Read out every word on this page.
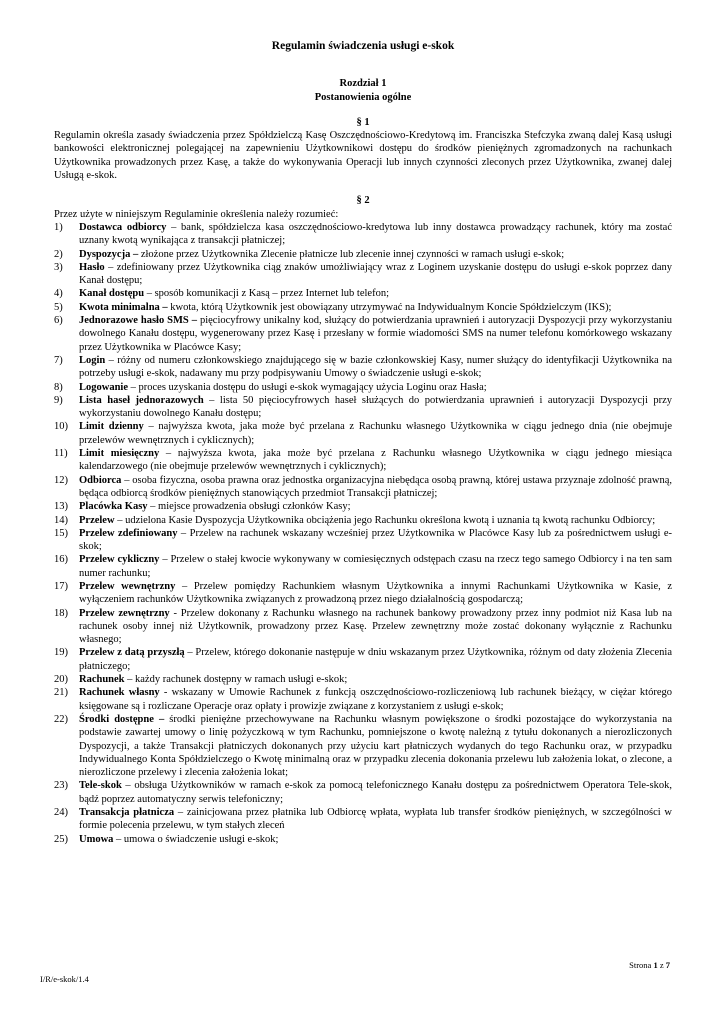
Regulamin świadczenia usługi e-skok
Rozdział 1
Postanowienia ogólne
§ 1
Regulamin określa zasady świadczenia przez Spółdzielczą Kasę Oszczędnościowo-Kredytową im. Franciszka Stefczyka zwaną dalej Kasą usługi bankowości elektronicznej polegającej na zapewnieniu Użytkownikowi dostępu do środków pieniężnych zgromadzonych na rachunkach Użytkownika prowadzonych przez Kasę, a także do wykonywania Operacji lub innych czynności zleconych przez Użytkownika, zwanej dalej Usługą e-skok.
§ 2
Przez użyte w niniejszym Regulaminie określenia należy rozumieć:
1)	Dostawca odbiorcy – bank, spółdzielcza kasa oszczędnościowo-kredytowa lub inny dostawca prowadzący rachunek, który ma zostać uznany kwotą wynikająca z transakcji płatniczej;
2)	Dyspozycja – złożone przez Użytkownika Zlecenie płatnicze lub zlecenie innej czynności w ramach usługi e-skok;
3)	Hasło – zdefiniowany przez Użytkownika ciąg znaków umożliwiający wraz z Loginem uzyskanie dostępu do usługi e-skok poprzez dany Kanał dostępu;
4)	Kanał dostępu – sposób komunikacji z Kasą – przez Internet lub telefon;
5)	Kwota minimalna – kwota, którą Użytkownik jest obowiązany utrzymywać na Indywidualnym Koncie Spółdzielczym (IKS);
6)	Jednorazowe hasło SMS – pięciocyfrowy unikalny kod, służący do potwierdzania uprawnień i autoryzacji Dyspozycji przy wykorzystaniu dowolnego Kanału dostępu, wygenerowany przez Kasę i przesłany w formie wiadomości SMS na numer telefonu komórkowego wskazany przez Użytkownika w Placówce Kasy;
7)	Login – różny od numeru członkowskiego znajdującego się w bazie członkowskiej Kasy, numer służący do identyfikacji Użytkownika na potrzeby usługi e-skok, nadawany mu przy podpisywaniu Umowy o świadczenie usługi e-skok;
8)	Logowanie – proces uzyskania dostępu do usługi e-skok wymagający użycia Loginu oraz Hasła;
9)	Lista haseł jednorazowych – lista 50 pięciocyfrowych haseł służących do potwierdzania uprawnień i autoryzacji Dyspozycji przy wykorzystaniu dowolnego Kanału dostępu;
10)	Limit dzienny – najwyższa kwota, jaka może być przelana z Rachunku własnego Użytkownika w ciągu jednego dnia (nie obejmuje przelewów wewnętrznych i cyklicznych);
11)	Limit miesięczny – najwyższa kwota, jaka może być przelana z Rachunku własnego Użytkownika w ciągu jednego miesiąca kalendarzowego (nie obejmuje przelewów wewnętrznych i cyklicznych);
12)	Odbiorca – osoba fizyczna, osoba prawna oraz jednostka organizacyjna niebędąca osobą prawną, której ustawa przyznaje zdolność prawną, będąca odbiorcą środków pieniężnych stanowiących przedmiot Transakcji płatniczej;
13)	Placówka Kasy – miejsce prowadzenia obsługi członków Kasy;
14)	Przelew – udzielona Kasie Dyspozycja Użytkownika obciążenia jego Rachunku określona kwotą i uznania tą kwotą rachunku Odbiorcy;
15)	Przelew zdefiniowany – Przelew na rachunek wskazany wcześniej przez Użytkownika w Placówce Kasy lub za pośrednictwem usługi e-skok;
16)	Przelew cykliczny – Przelew o stałej kwocie wykonywany w comiesięcznych odstępach czasu na rzecz tego samego Odbiorcy i na ten sam numer rachunku;
17)	Przelew wewnętrzny – Przelew pomiędzy Rachunkiem własnym Użytkownika a innymi Rachunkami Użytkownika w Kasie, z wyłączeniem rachunków Użytkownika związanych z prowadzoną przez niego działalnością gospodarczą;
18)	Przelew zewnętrzny - Przelew dokonany z Rachunku własnego na rachunek bankowy prowadzony przez inny podmiot niż Kasa lub na rachunek osoby innej niż Użytkownik, prowadzony przez Kasę. Przelew zewnętrzny może zostać dokonany wyłącznie z Rachunku własnego;
19)	Przelew z datą przyszłą – Przelew, którego dokonanie następuje w dniu wskazanym przez Użytkownika, różnym od daty złożenia Zlecenia płatniczego;
20)	Rachunek – każdy rachunek dostępny w ramach usługi e-skok;
21)	Rachunek własny - wskazany w Umowie Rachunek z funkcją oszczędnościowo-rozliczeniową lub rachunek bieżący, w ciężar którego księgowane są i rozliczane Operacje oraz opłaty i prowizje związane z korzystaniem z usługi e-skok;
22)	Środki dostępne – środki pieniężne przechowywane na Rachunku własnym powiększone o środki pozostające do wykorzystania na podstawie zawartej umowy o linię pożyczkową w tym Rachunku, pomniejszone o kwotę należną z tytułu dokonanych a nierozliczonych Dyspozycji, a także Transakcji płatniczych dokonanych przy użyciu kart płatniczych wydanych do tego Rachunku oraz, w przypadku Indywidualnego Konta Spółdzielczego o Kwotę minimalną oraz w przypadku zlecenia dokonania przelewu lub założenia lokat, o zlecone, a nierozliczone przelewy i zlecenia założenia lokat;
23)	Tele-skok – obsługa Użytkowników w ramach e-skok za pomocą telefonicznego Kanału dostępu za pośrednictwem Operatora Tele-skok, bądź poprzez automatyczny serwis telefoniczny;
24)	Transakcja płatnicza – zainicjowana przez płatnika lub Odbiorcę wpłata, wypłata lub transfer środków pieniężnych, w szczególności w formie polecenia przelewu, w tym stałych zleceń
25)	Umowa – umowa o świadczenie usługi e-skok;
Strona 1 z 7
I/R/e-skok/1.4
